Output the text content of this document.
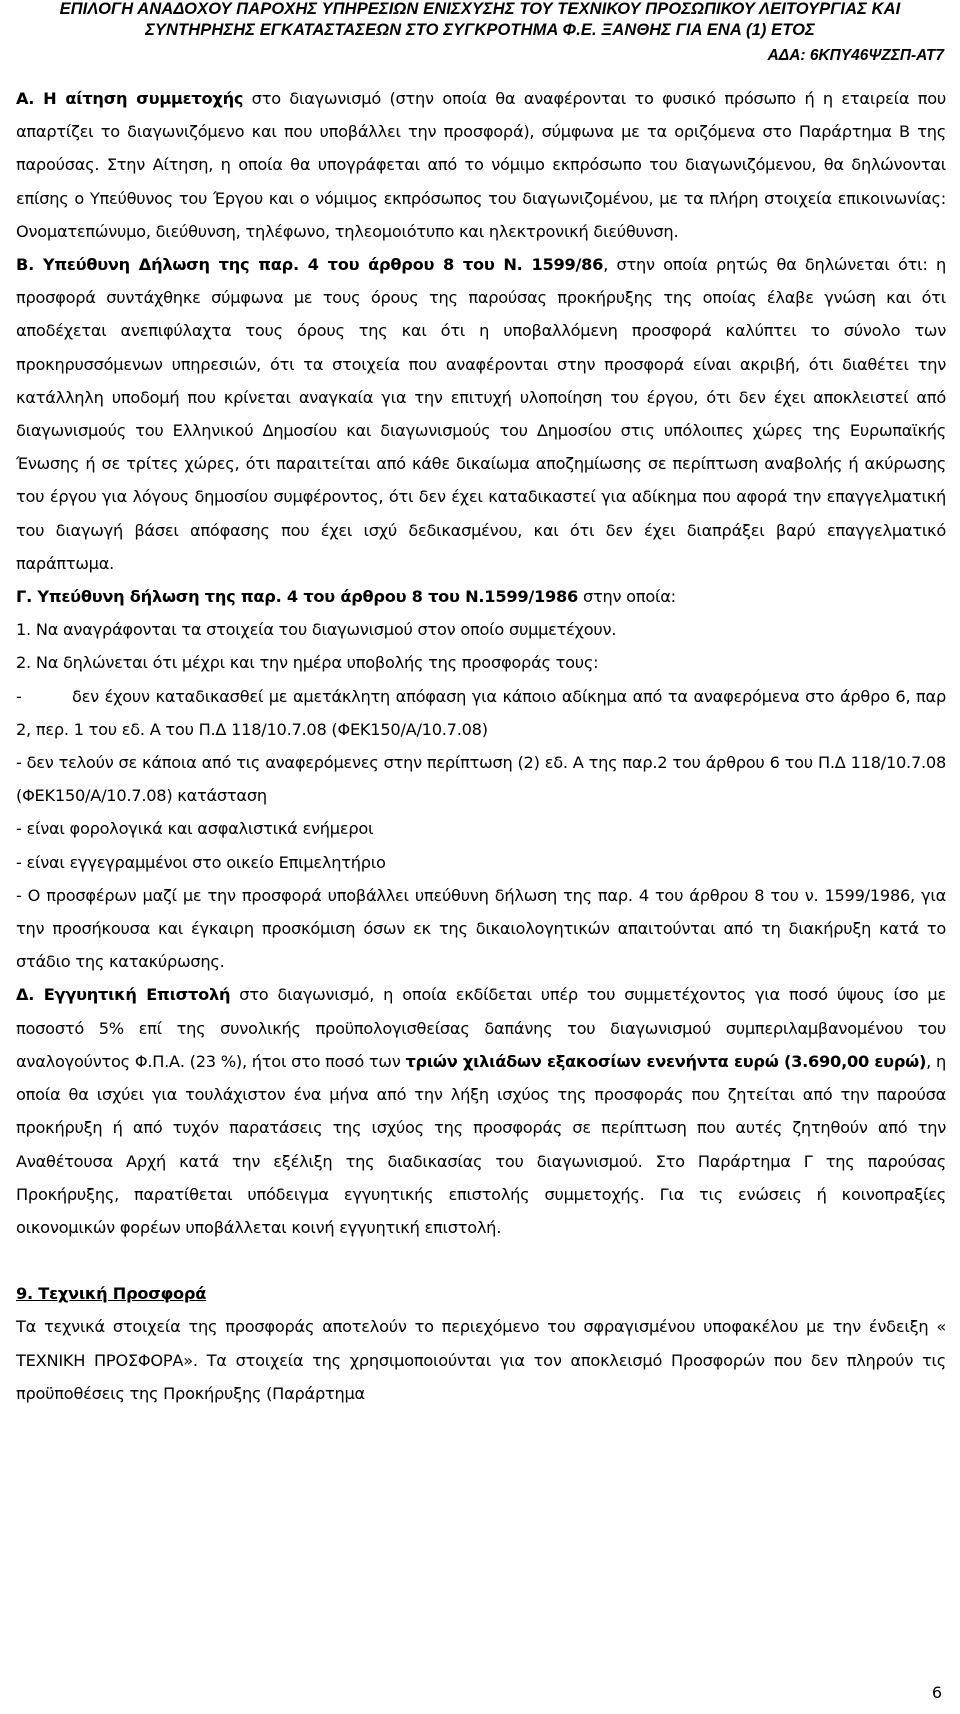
ΕΠΙΛΟΓΗ ΑΝΑΔΟΧΟΥ ΠΑΡΟΧΗΣ ΥΠΗΡΕΣΙΩΝ ΕΝΙΣΧΥΣΗΣ ΤΟΥ ΤΕΧΝΙΚΟΥ ΠΡΟΣΩΠΙΚΟΥ ΛΕΙΤΟΥΡΓΙΑΣ ΚΑΙ
ΣΥΝΤΗΡΗΣΗΣ ΕΓΚΑΤΑΣΤΑΣΕΩΝ ΣΤΟ ΣΥΓΚΡΟΤΗΜΑ Φ.Ε. ΞΑΝΘΗΣ ΓΙΑ ΕΝΑ (1) ΕΤΟΣ
ΑΔΑ: 6ΚΠΥ46ΨΖΣΠ-ΑΤ7

Α. Η αίτηση συμμετοχής στο διαγωνισμό (στην οποία θα αναφέρονται το φυσικό πρόσωπο ή η εταιρεία που απαρτίζει το διαγωνιζόμενο και που υποβάλλει την προσφορά), σύμφωνα με τα οριζόμενα στο Παράρτημα Β της παρούσας. Στην Αίτηση, η οποία θα υπογράφεται από το νόμιμο εκπρόσωπο του διαγωνιζόμενου, θα δηλώνονται επίσης ο Υπεύθυνος του Έργου και ο νόμιμος εκπρόσωπος του διαγωνιζομένου, με τα πλήρη στοιχεία επικοινωνίας: Ονοματεπώνυμο, διεύθυνση, τηλέφωνο, τηλεομοιότυπο και ηλεκτρονική διεύθυνση.

Β. Υπεύθυνη Δήλωση της παρ. 4 του άρθρου 8 του Ν. 1599/86, στην οποία ρητώς θα δηλώνεται ότι: η προσφορά συντάχθηκε σύμφωνα με τους όρους της παρούσας προκήρυξης της οποίας έλαβε γνώση και ότι αποδέχεται ανεπιφύλαχτα τους όρους της και ότι η υποβαλλόμενη προσφορά καλύπτει το σύνολο των προκηρυσσόμενων υπηρεσιών, ότι τα στοιχεία που αναφέρονται στην προσφορά είναι ακριβή, ότι διαθέτει την κατάλληλη υποδομή που κρίνεται αναγκαία για την επιτυχή υλοποίηση του έργου, ότι δεν έχει αποκλειστεί από διαγωνισμούς του Ελληνικού Δημοσίου και διαγωνισμούς του Δημοσίου στις υπόλοιπες χώρες της Ευρωπαϊκής Ένωσης ή σε τρίτες χώρες, ότι παραιτείται από κάθε δικαίωμα αποζημίωσης σε περίπτωση αναβολής ή ακύρωσης του έργου για λόγους δημοσίου συμφέροντος, ότι δεν έχει καταδικαστεί για αδίκημα που αφορά την επαγγελματική του διαγωγή βάσει απόφασης που έχει ισχύ δεδικασμένου, και ότι δεν έχει διαπράξει βαρύ επαγγελματικό παράπτωμα.

Γ. Υπεύθυνη δήλωση της παρ. 4 του άρθρου 8 του Ν.1599/1986 στην οποία:

1. Να αναγράφονται τα στοιχεία του διαγωνισμού στον οποίο συμμετέχουν.

2. Να δηλώνεται ότι μέχρι και την ημέρα υποβολής της προσφοράς τους:

-	δεν έχουν καταδικασθεί με αμετάκλητη απόφαση για κάποιο αδίκημα από τα αναφερόμενα στο άρθρο 6, παρ 2, περ. 1 του εδ. Α του Π.Δ 118/10.7.08 (ΦΕΚ150/Α/10.7.08)

- δεν τελούν σε κάποια από τις αναφερόμενες στην περίπτωση (2) εδ. Α της παρ.2 του άρθρου 6 του Π.Δ 118/10.7.08 (ΦΕΚ150/Α/10.7.08) κατάσταση

- είναι φορολογικά και ασφαλιστικά ενήμεροι

- είναι εγγεγραμμένοι στο οικείο Επιμελητήριο

- Ο προσφέρων μαζί με την προσφορά υποβάλλει υπεύθυνη δήλωση της παρ. 4 του άρθρου 8 του ν. 1599/1986, για την προσήκουσα και έγκαιρη προσκόμιση όσων εκ της δικαιολογητικών απαιτούνται από τη διακήρυξη κατά το στάδιο της κατακύρωσης.

Δ. Εγγυητική Επιστολή στο διαγωνισμό, η οποία εκδίδεται υπέρ του συμμετέχοντος για ποσό ύψους ίσο με ποσοστό 5% επί της συνολικής προϋπολογισθείσας δαπάνης του διαγωνισμού συμπεριλαμβανομένου του αναλογούντος Φ.Π.Α. (23 %), ήτοι στο ποσό των τριών χιλιάδων εξακοσίων ενενήντα ευρώ (3.690,00 ευρώ), η οποία θα ισχύει για τουλάχιστον ένα μήνα από την λήξη ισχύος της προσφοράς που ζητείται από την παρούσα προκήρυξη ή από τυχόν παρατάσεις της ισχύος της προσφοράς σε περίπτωση που αυτές ζητηθούν από την Αναθέτουσα Αρχή κατά την εξέλιξη της διαδικασίας του διαγωνισμού. Στο Παράρτημα Γ της παρούσας Προκήρυξης, παρατίθεται υπόδειγμα εγγυητικής επιστολής συμμετοχής. Για τις ενώσεις ή κοινοπραξίες οικονομικών φορέων υποβάλλεται κοινή εγγυητική επιστολή.

9. Τεχνική Προσφορά

Τα τεχνικά στοιχεία της προσφοράς αποτελούν το περιεχόμενο του σφραγισμένου υποφακέλου με την ένδειξη « ΤΕΧΝΙΚΗ ΠΡΟΣΦΟΡΑ». Τα στοιχεία της χρησιμοποιούνται για τον αποκλεισμό Προσφορών που δεν πληρούν τις προϋποθέσεις της Προκήρυξης (Παράρτημα

6
